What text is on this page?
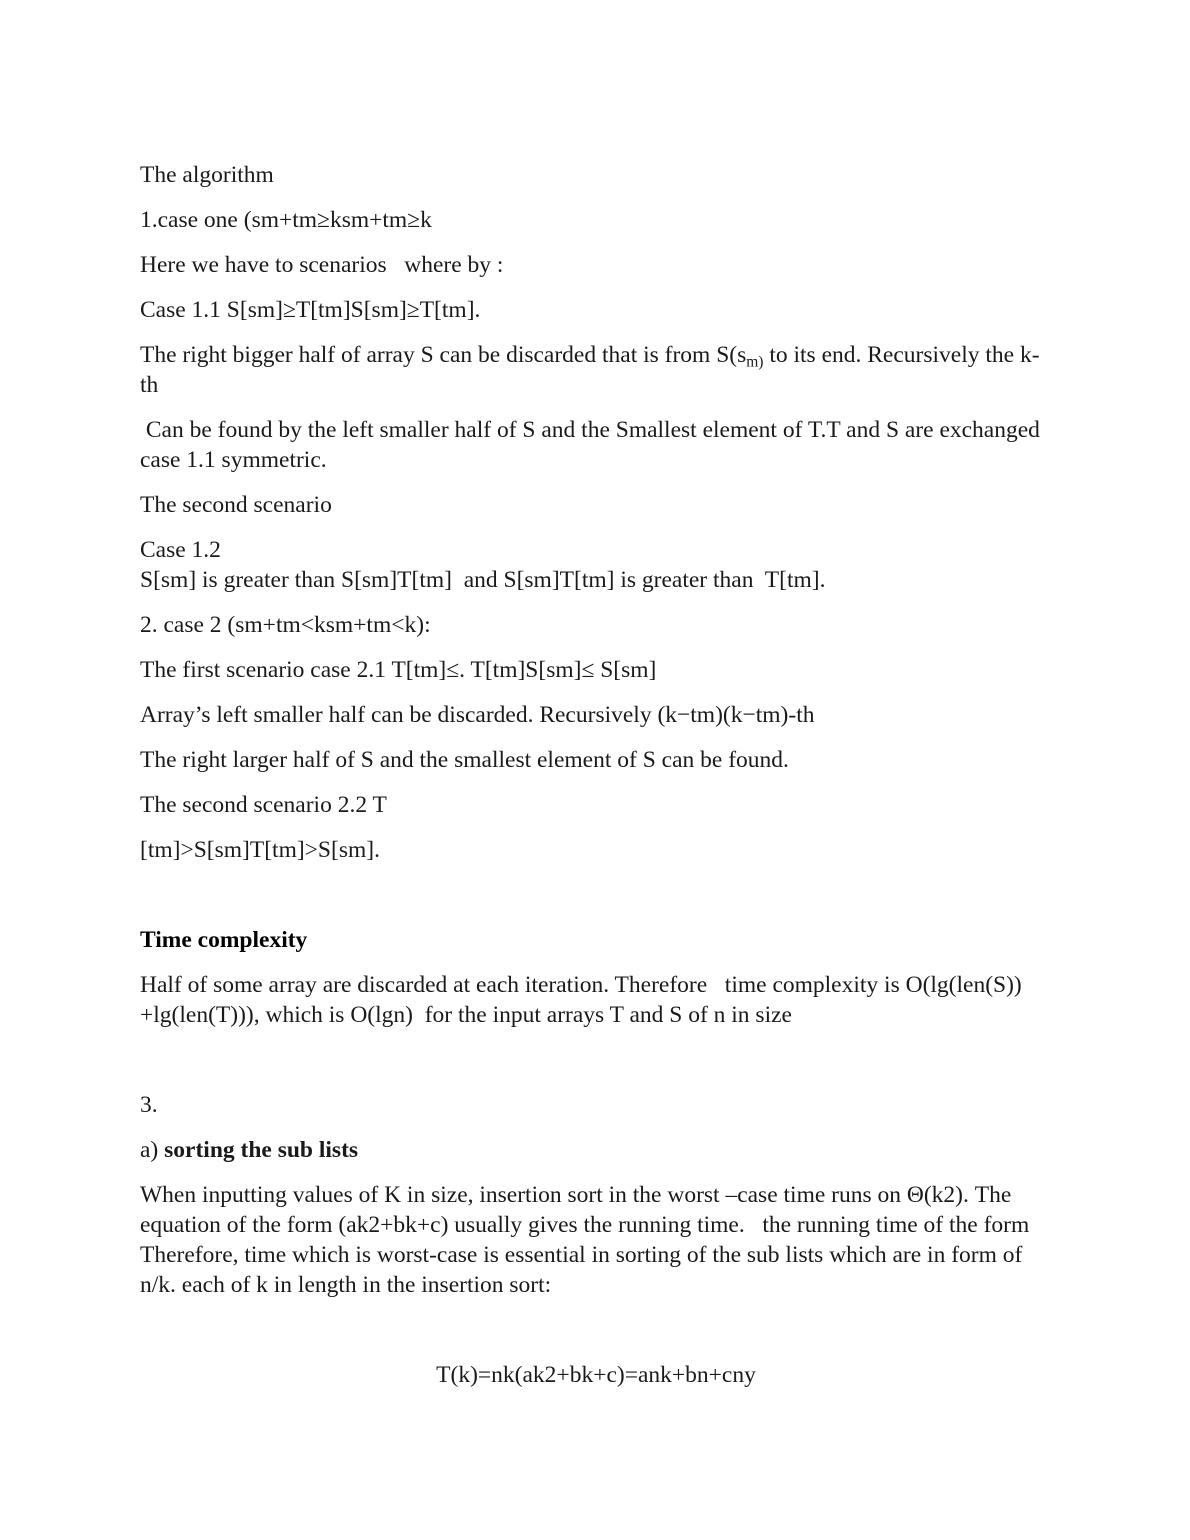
The algorithm

1.case one (sm+tm≥ksm+tm≥k

Here we have to scenarios   where by :

Case 1.1 S[sm]≥T[tm]S[sm]≥T[tm].

The right bigger half of array S can be discarded that is from $S(s_{m)}$ to its end. Recursively the k-th

Can be found by the left smaller half of S and the Smallest element of T.T and S are exchanged

case 1.1 symmetric.

The second scenario

Case 1.2

S[sm] is greater than S[sm]T[tm]  and S[sm]T[tm] is greater than  T[tm].

2. case 2 (sm+tm<ksm+tm<k):

The first scenario case 2.1 T[tm]≤. T[tm]S[sm]≤ S[sm]

Array’s left smaller half can be discarded. Recursively (k−tm)(k−tm)-th

The right larger half of S and the smallest element of S can be found.

The second scenario 2.2 T

[tm]>S[sm]T[tm]>S[sm].

Time complexity

Half of some array are discarded at each iteration. Therefore   time complexity is O(lg(len(S))

+lg(len(T))), which is O(lgn)  for the input arrays T and S of n in size

3.

a) sorting the sub lists

When inputting values of K in size, insertion sort in the worst –case time runs on Θ(k2). The

equation of the form (ak2+bk+c) usually gives the running time.   the running time of the form

Therefore, time which is worst-case is essential in sorting of the sub lists which are in form of

n/k. each of k in length in the insertion sort:

T(k)=nk(ak2+bk+c)=ank+bn+cny
